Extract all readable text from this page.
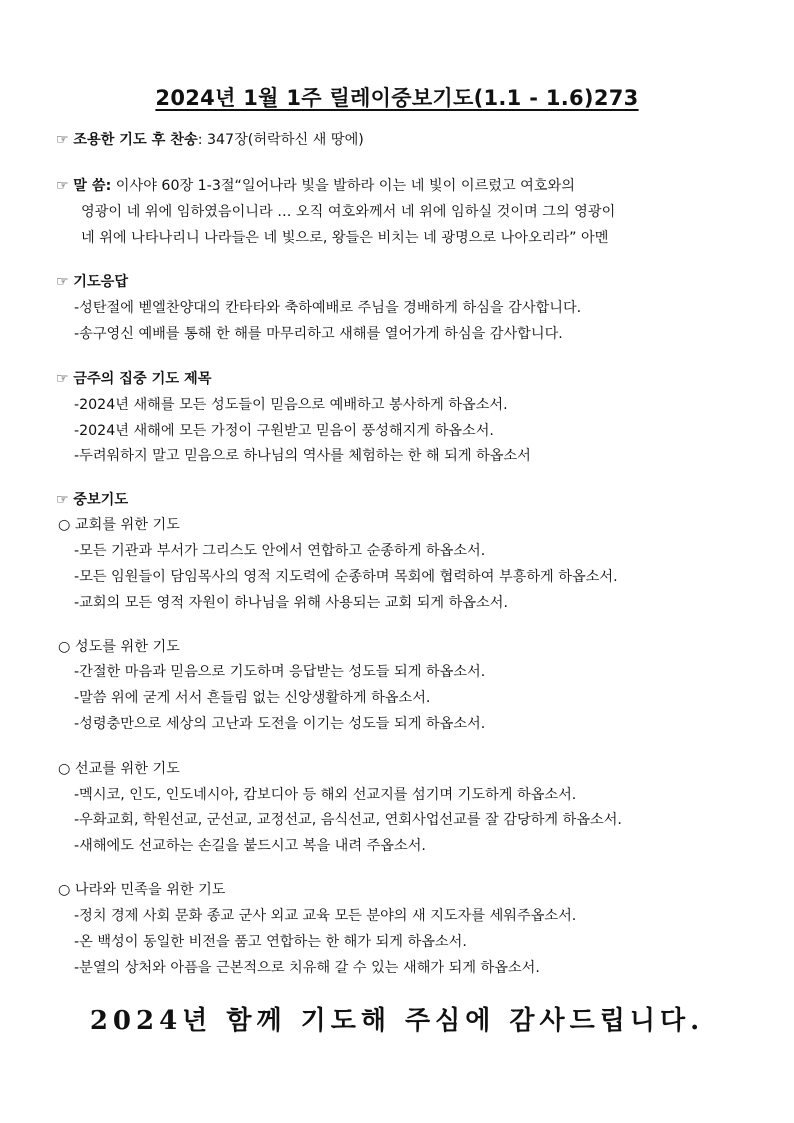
2024년 1월 1주 릴레이중보기도(1.1 - 1.6)273
☞ 조용한 기도 후 찬송: 347장(허락하신 새 땅에)
☞ 말 씀: 이사야 60장 1-3절“일어나라 빛을 발하라 이는 네 빛이 이르렀고 여호와의
영광이 네 위에 임하였음이니라 … 오직 여호와께서 네 위에 임하실 것이며 그의 영광이
네 위에 나타나리니 나라들은 네 빛으로, 왕들은 비치는 네 광명으로 나아오리라” 아멘
☞ 기도응답
-성탄절에 벧엘찬양대의 칸타타와 축하예배로 주님을 경배하게 하심을 감사합니다.
-송구영신 예배를 통해 한 해를 마무리하고 새해를 열어가게 하심을 감사합니다.
☞ 금주의 집중 기도 제목
-2024년 새해를 모든 성도들이 믿음으로 예배하고 봉사하게 하옵소서.
-2024년 새해에 모든 가정이 구원받고 믿음이 풍성해지게 하옵소서.
-두려워하지 말고 믿음으로 하나님의 역사를 체험하는 한 해 되게 하옵소서
☞ 중보기도
○ 교회를 위한 기도
-모든 기관과 부서가 그리스도 안에서 연합하고 순종하게 하옵소서.
-모든 임원들이 담임목사의 영적 지도력에 순종하며 목회에 협력하여 부흥하게 하옵소서.
-교회의 모든 영적 자원이 하나님을 위해 사용되는 교회 되게 하옵소서.
○ 성도를 위한 기도
-간절한 마음과 믿음으로 기도하며 응답받는 성도들 되게 하옵소서.
-말씀 위에 굳게 서서 흔들림 없는 신앙생활하게 하옵소서.
-성령충만으로 세상의 고난과 도전을 이기는 성도들 되게 하옵소서.
○ 선교를 위한 기도
-멕시코, 인도, 인도네시아, 캄보디아 등 해외 선교지를 섬기며 기도하게 하옵소서.
-우화교회, 학원선교, 군선교, 교정선교, 음식선교, 연회사업선교를 잘 감당하게 하옵소서.
-새해에도 선교하는 손길을 붙드시고 복을 내려 주옵소서.
○ 나라와 민족을 위한 기도
-정치 경제 사회 문화 종교 군사 외교 교육 모든 분야의 새 지도자를 세워주옵소서.
-온 백성이 동일한 비전을 품고 연합하는 한 해가 되게 하옵소서.
-분열의 상처와 아픔을 근본적으로 치유해 갈 수 있는 새해가 되게 하옵소서.
2024년 함께 기도해 주심에 감사드립니다.
